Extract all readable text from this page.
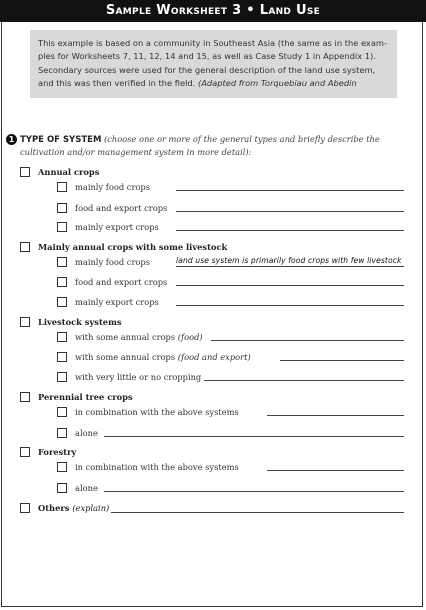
Sample Worksheet 3 • Land Use
This example is based on a community in Southeast Asia (the same as in the exam-
ples for Worksheets 7, 11, 12, 14 and 15, as well as Case Study 1 in Appendix 1).
Secondary sources were used for the general description of the land use system,
and this was then verified in the field. (Adapted from Torquebiau and Abedin
1 TYPE OF SYSTEM (choose one or more of the general types and briefly describe the cultivation and/or management system in more detail):
Annual crops
mainly food crops
food and export crops
mainly export crops
Mainly annual crops with some livestock
mainly food crops	land use system is primarily food crops with few livestock
food and export crops
mainly export crops
Livestock systems
with some annual crops (food)
with some annual crops (food and export)
with very little or no cropping
Perennial tree crops
in combination with the above systems
alone
Forestry
in combination with the above systems
alone
Others (explain)
